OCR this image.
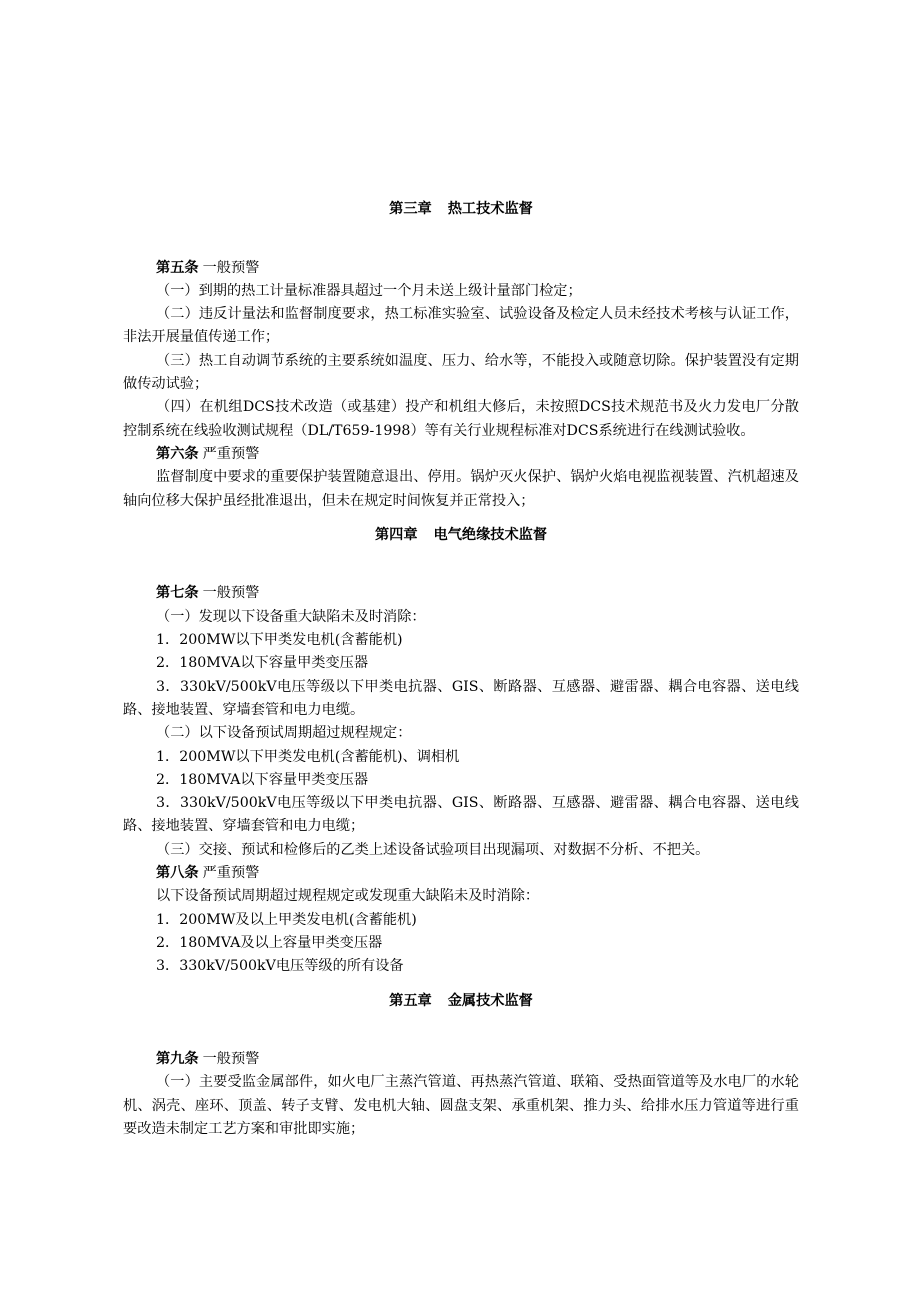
第三章 热工技术监督
第五条 一般预警

（一）到期的热工计量标准器具超过一个月未送上级计量部门检定；

（二）违反计量法和监督制度要求，热工标准实验室、试验设备及检定人员未经技术考核与认证工作，非法开展量值传递工作；

（三）热工自动调节系统的主要系统如温度、压力、给水等，不能投入或随意切除。保护装置没有定期做传动试验；

（四）在机组DCS技术改造（或基建）投产和机组大修后，未按照DCS技术规范书及火力发电厂分散控制系统在线验收测试规程（DL/T659-1998）等有关行业规程标准对DCS系统进行在线测试验收。

第六条 严重预警

监督制度中要求的重要保护装置随意退出、停用。锅炉灭火保护、锅炉火焰电视监视装置、汽机超速及轴向位移大保护虽经批准退出，但未在规定时间恢复并正常投入；

第四章 电气绝缘技术监督
第七条 一般预警

（一）发现以下设备重大缺陷未及时消除：

1．200MW以下甲类发电机(含蓄能机)

2．180MVA以下容量甲类变压器

3．330kV/500kV电压等级以下甲类电抗器、GIS、断路器、互感器、避雷器、耦合电容器、送电线路、接地装置、穿墙套管和电力电缆。

（二）以下设备预试周期超过规程规定：

1．200MW以下甲类发电机(含蓄能机)、调相机

2．180MVA以下容量甲类变压器

3．330kV/500kV电压等级以下甲类电抗器、GIS、断路器、互感器、避雷器、耦合电容器、送电线路、接地装置、穿墙套管和电力电缆；

（三）交接、预试和检修后的乙类上述设备试验项目出现漏项、对数据不分析、不把关。

第八条 严重预警

以下设备预试周期超过规程规定或发现重大缺陷未及时消除：

1．200MW及以上甲类发电机(含蓄能机)

2．180MVA及以上容量甲类变压器

3．330kV/500kV电压等级的所有设备

第五章 金属技术监督
第九条 一般预警

（一）主要受监金属部件，如火电厂主蒸汽管道、再热蒸汽管道、联箱、受热面管道等及水电厂的水轮机、涡壳、座环、顶盖、转子支臂、发电机大轴、圆盘支架、承重机架、推力头、给排水压力管道等进行重要改造未制定工艺方案和审批即实施；
